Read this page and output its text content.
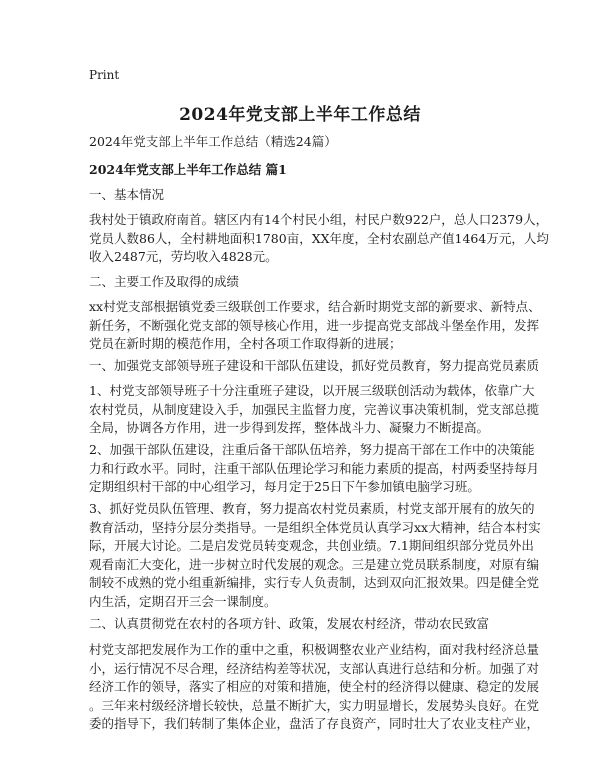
Print
2024年党支部上半年工作总结
2024年党支部上半年工作总结（精选24篇）
2024年党支部上半年工作总结 篇1

一、基本情况

我村处于镇政府南首。辖区内有14个村民小组，村民户数922户，总人口2379人，

党员人数86人，全村耕地面积1780亩，XX年度，全村农副总产值1464万元，人均

收入2487元，劳均收入4828元。

二、主要工作及取得的成绩

xx村党支部根据镇党委三级联创工作要求，结合新时期党支部的新要求、新特点、

新任务，不断强化党支部的领导核心作用，进一步提高党支部战斗堡垒作用，发挥

党员在新时期的模范作用，全村各项工作取得新的进展；

一、加强党支部领导班子建设和干部队伍建设，抓好党员教育，努力提高党员素质

1、村党支部领导班子十分注重班子建设，以开展三级联创活动为载体，依靠广大

农村党员，从制度建设入手，加强民主监督力度，完善议事决策机制，党支部总揽

全局，协调各方作用，进一步得到发挥，整体战斗力、凝聚力不断提高。

2、加强干部队伍建设，注重后备干部队伍培养，努力提高干部在工作中的决策能

力和行政水平。同时，注重干部队伍理论学习和能力素质的提高，村两委坚持每月

定期组织村干部的中心组学习，每月定于25日下午参加镇电脑学习班。

3、抓好党员队伍管理、教育，努力提高农村党员素质，村党支部开展有的放矢的

教育活动，坚持分层分类指导。一是组织全体党员认真学习xx大精神，结合本村实

际，开展大讨论。二是启发党员转变观念，共创业绩。7.1期间组织部分党员外出

观看南汇大变化，进一步树立时代发展的观念。三是建立党员联系制度，对原有编

制较不成熟的党小组重新编排，实行专人负责制，达到双向汇报效果。四是健全党

内生活，定期召开三会一课制度。

二、认真贯彻党在农村的各项方针、政策，发展农村经济，带动农民致富

村党支部把发展作为工作的重中之重，积极调整农业产业结构，面对我村经济总量

小，运行情况不尽合理，经济结构差等状况，支部认真进行总结和分析。加强了对

经济工作的领导，落实了相应的对策和措施，使全村的经济得以健康、稳定的发展

。三年来村级经济增长较快，总量不断扩大，实力明显增长，发展势头良好。在党

委的指导下，我们转制了集体企业，盘活了存良资产，同时壮大了农业支柱产业，
